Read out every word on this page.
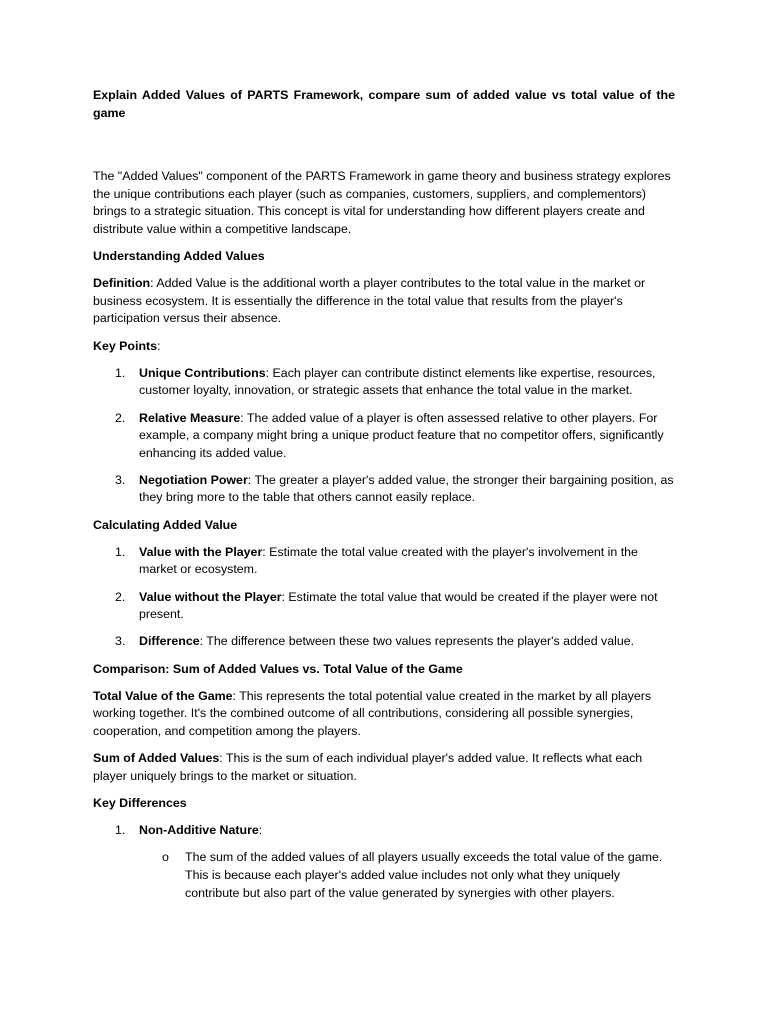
Explain Added Values of PARTS Framework, compare sum of added value vs total value of the game

The "Added Values" component of the PARTS Framework in game theory and business strategy explores the unique contributions each player (such as companies, customers, suppliers, and complementors) brings to a strategic situation. This concept is vital for understanding how different players create and distribute value within a competitive landscape.

Understanding Added Values

Definition: Added Value is the additional worth a player contributes to the total value in the market or business ecosystem. It is essentially the difference in the total value that results from the player's participation versus their absence.

Key Points:

1. Unique Contributions: Each player can contribute distinct elements like expertise, resources, customer loyalty, innovation, or strategic assets that enhance the total value in the market.
2. Relative Measure: The added value of a player is often assessed relative to other players. For example, a company might bring a unique product feature that no competitor offers, significantly enhancing its added value.
3. Negotiation Power: The greater a player's added value, the stronger their bargaining position, as they bring more to the table that others cannot easily replace.

Calculating Added Value

1. Value with the Player: Estimate the total value created with the player's involvement in the market or ecosystem.
2. Value without the Player: Estimate the total value that would be created if the player were not present.
3. Difference: The difference between these two values represents the player's added value.

Comparison: Sum of Added Values vs. Total Value of the Game

Total Value of the Game: This represents the total potential value created in the market by all players working together. It's the combined outcome of all contributions, considering all possible synergies, cooperation, and competition among the players.

Sum of Added Values: This is the sum of each individual player's added value. It reflects what each player uniquely brings to the market or situation.

Key Differences

1. Non-Additive Nature:
o The sum of the added values of all players usually exceeds the total value of the game. This is because each player's added value includes not only what they uniquely contribute but also part of the value generated by synergies with other players.
